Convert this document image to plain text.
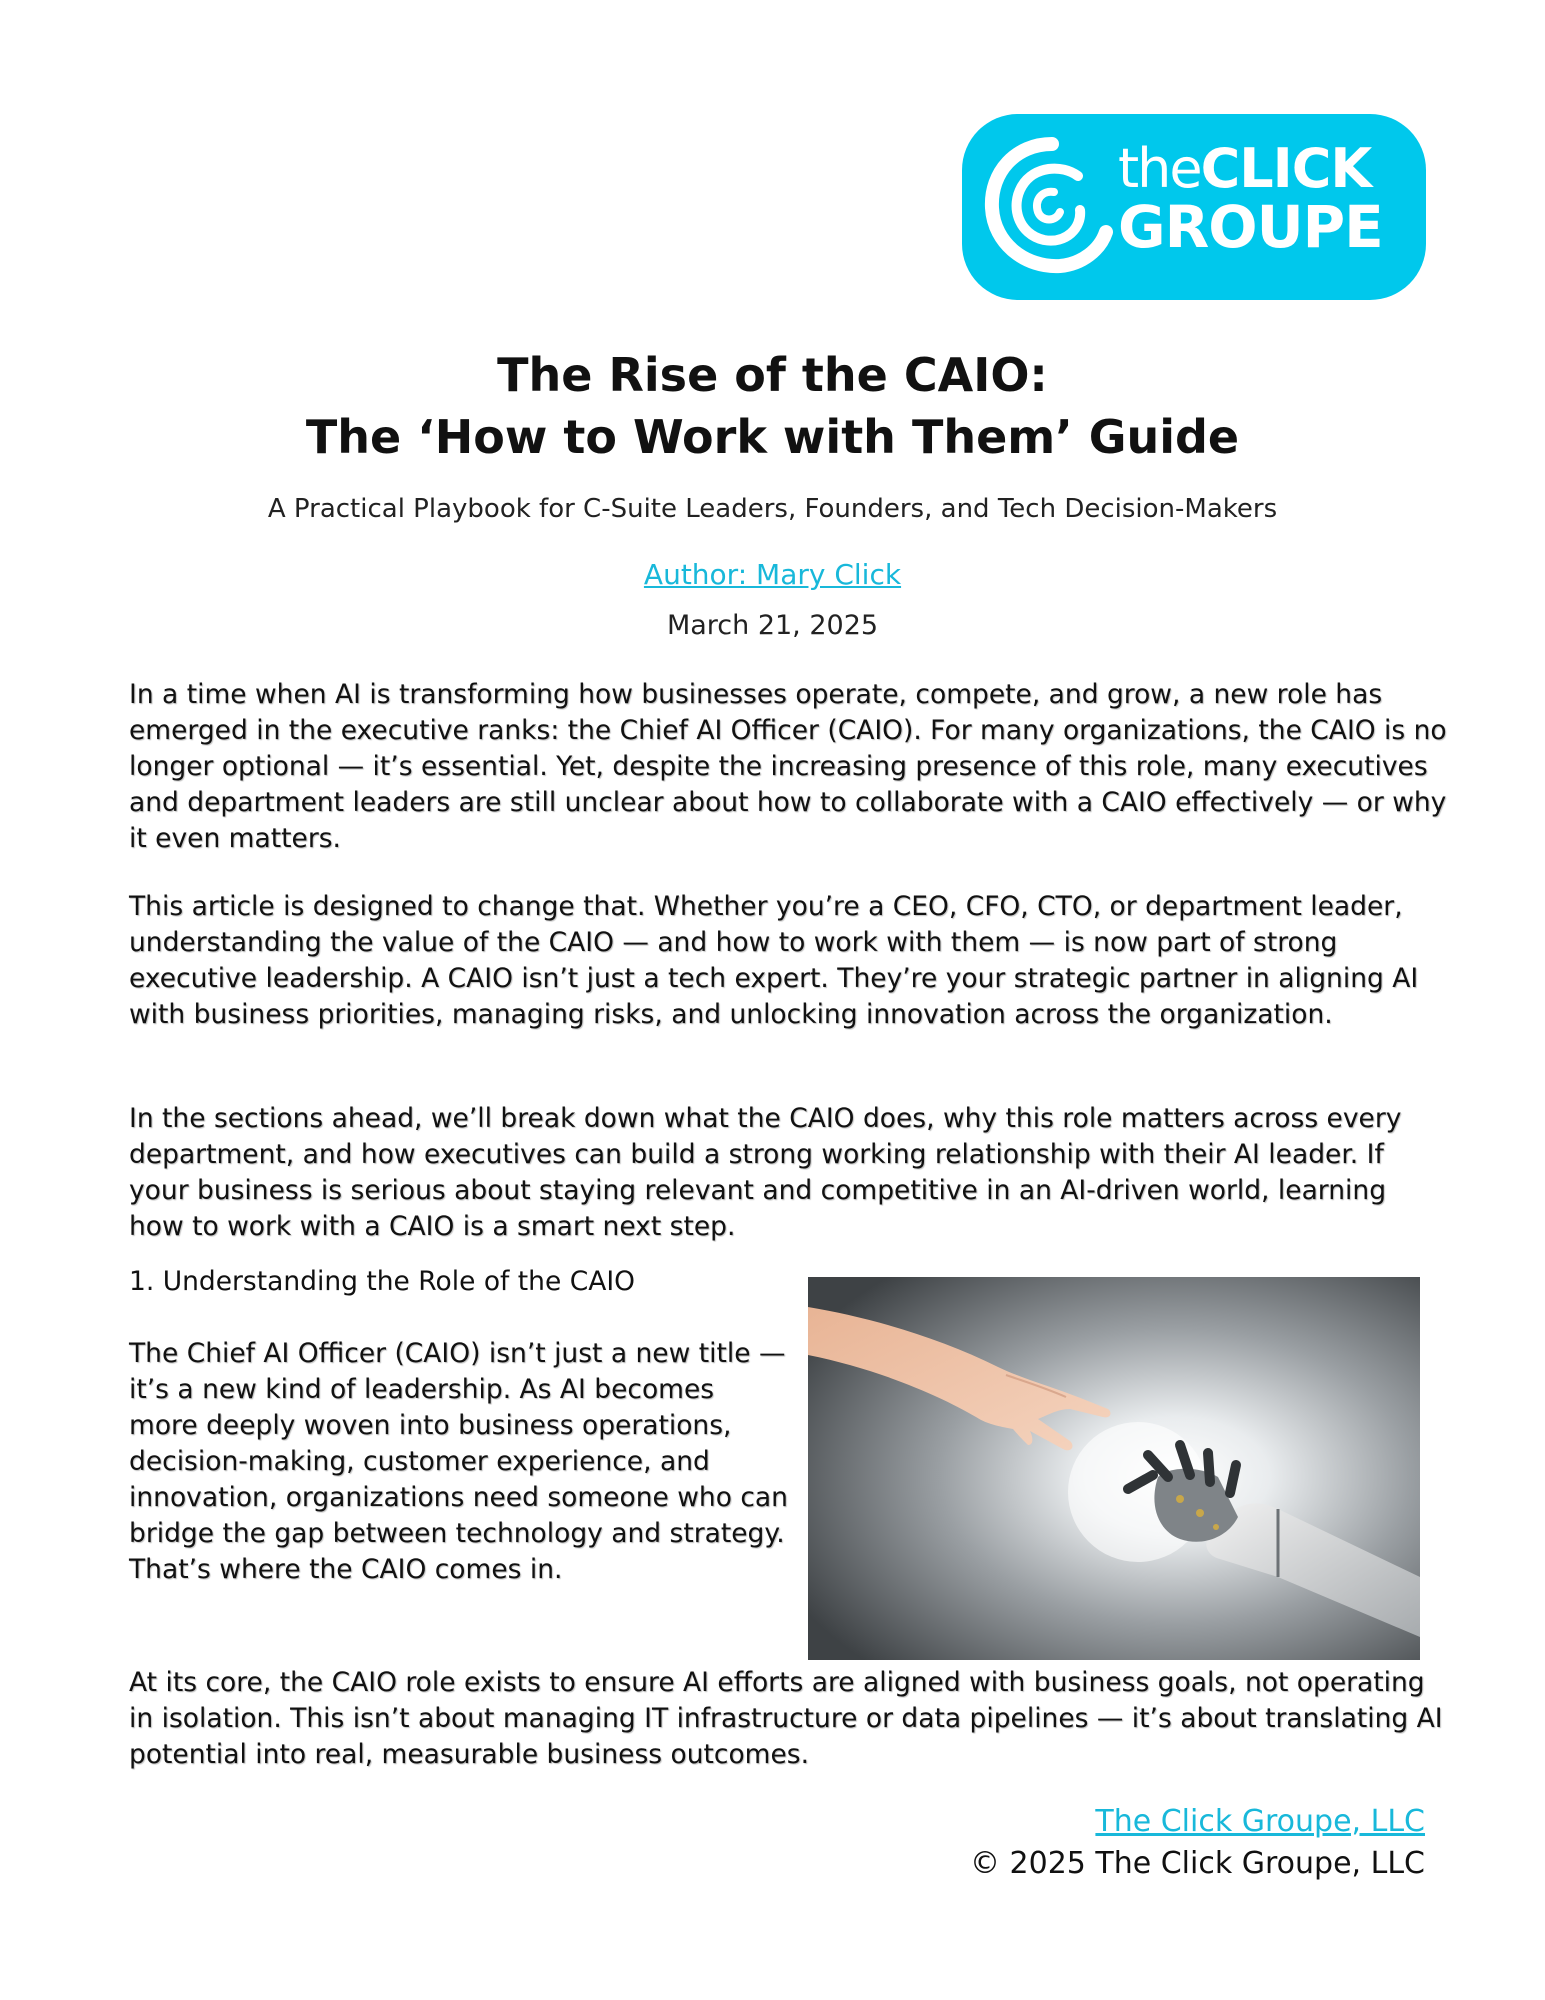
theCLICK
GROUPE
The Rise of the CAIO:
The ‘How to Work with Them’ Guide
A Practical Playbook for C-Suite Leaders, Founders, and Tech Decision-Makers
Author: Mary Click
March 21, 2025
In a time when AI is transforming how businesses operate, compete, and grow, a new role has emerged in the executive ranks: the Chief AI Officer (CAIO). For many organizations, the CAIO is no longer optional — it’s essential. Yet, despite the increasing presence of this role, many executives and department leaders are still unclear about how to collaborate with a CAIO effectively — or why it even matters.
This article is designed to change that. Whether you’re a CEO, CFO, CTO, or department leader, understanding the value of the CAIO — and how to work with them — is now part of strong executive leadership. A CAIO isn’t just a tech expert. They’re your strategic partner in aligning AI with business priorities, managing risks, and unlocking innovation across the organization.
In the sections ahead, we’ll break down what the CAIO does, why this role matters across every department, and how executives can build a strong working relationship with their AI leader. If your business is serious about staying relevant and competitive in an AI-driven world, learning how to work with a CAIO is a smart next step.
1. Understanding the Role of the CAIO
The Chief AI Officer (CAIO) isn’t just a new title — it’s a new kind of leadership. As AI becomes more deeply woven into business operations, decision-making, customer experience, and innovation, organizations need someone who can bridge the gap between technology and strategy. That’s where the CAIO comes in.
At its core, the CAIO role exists to ensure AI efforts are aligned with business goals, not operating in isolation. This isn’t about managing IT infrastructure or data pipelines — it’s about translating AI potential into real, measurable business outcomes.
The Click Groupe, LLC
© 2025 The Click Groupe, LLC
